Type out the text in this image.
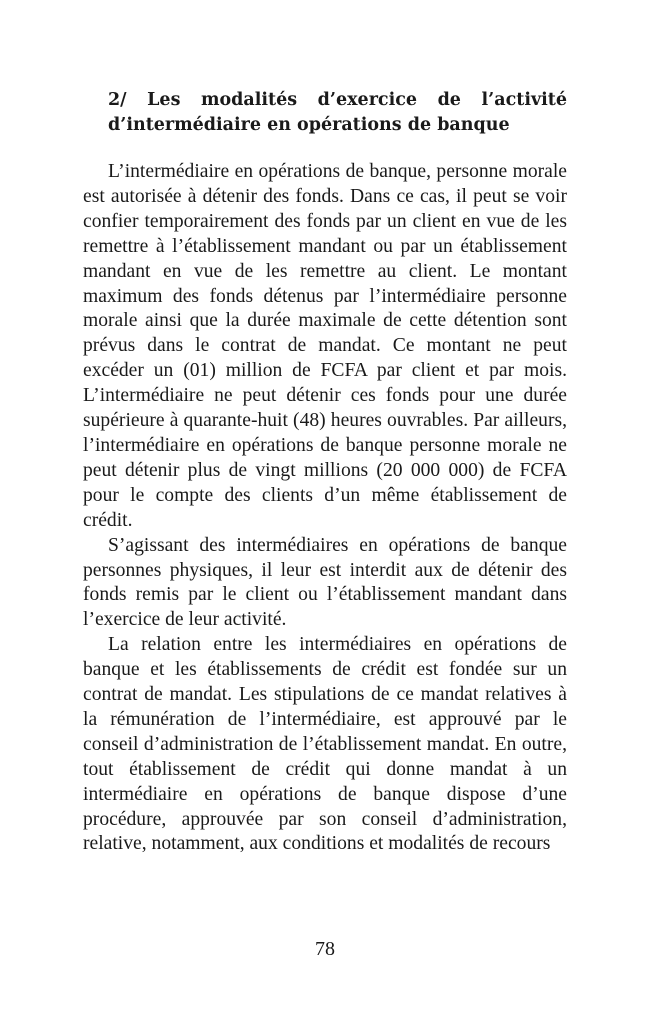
2/ Les modalités d’exercice de l’activité d’intermédiaire en opérations de banque

L’intermédiaire en opérations de banque, personne morale est autorisée à détenir des fonds. Dans ce cas, il peut se voir confier temporairement des fonds par un client en vue de les remettre à l’établissement mandant ou par un établissement mandant en vue de les remettre au client. Le montant maximum des fonds détenus par l’intermédiaire personne morale ainsi que la durée maximale de cette détention sont prévus dans le contrat de mandat. Ce montant ne peut excéder un (01) million de FCFA par client et par mois. L’intermédiaire ne peut détenir ces fonds pour une durée supérieure à quarante-huit (48) heures ouvrables. Par ailleurs, l’intermédiaire en opérations de banque personne morale ne peut détenir plus de vingt millions (20 000 000) de FCFA pour le compte des clients d’un même établissement de crédit.

S’agissant des intermédiaires en opérations de banque personnes physiques, il leur est interdit aux de détenir des fonds remis par le client ou l’établissement mandant dans l’exercice de leur activité.

La relation entre les intermédiaires en opérations de banque et les établissements de crédit est fondée sur un contrat de mandat. Les stipulations de ce mandat relatives à la rémunération de l’intermédiaire, est approuvé par le conseil d’administration de l’établissement mandat. En outre, tout établissement de crédit qui donne mandat à un intermédiaire en opérations de banque dispose d’une procédure, approuvée par son conseil d’administration, relative, notamment, aux conditions et modalités de recours

78
